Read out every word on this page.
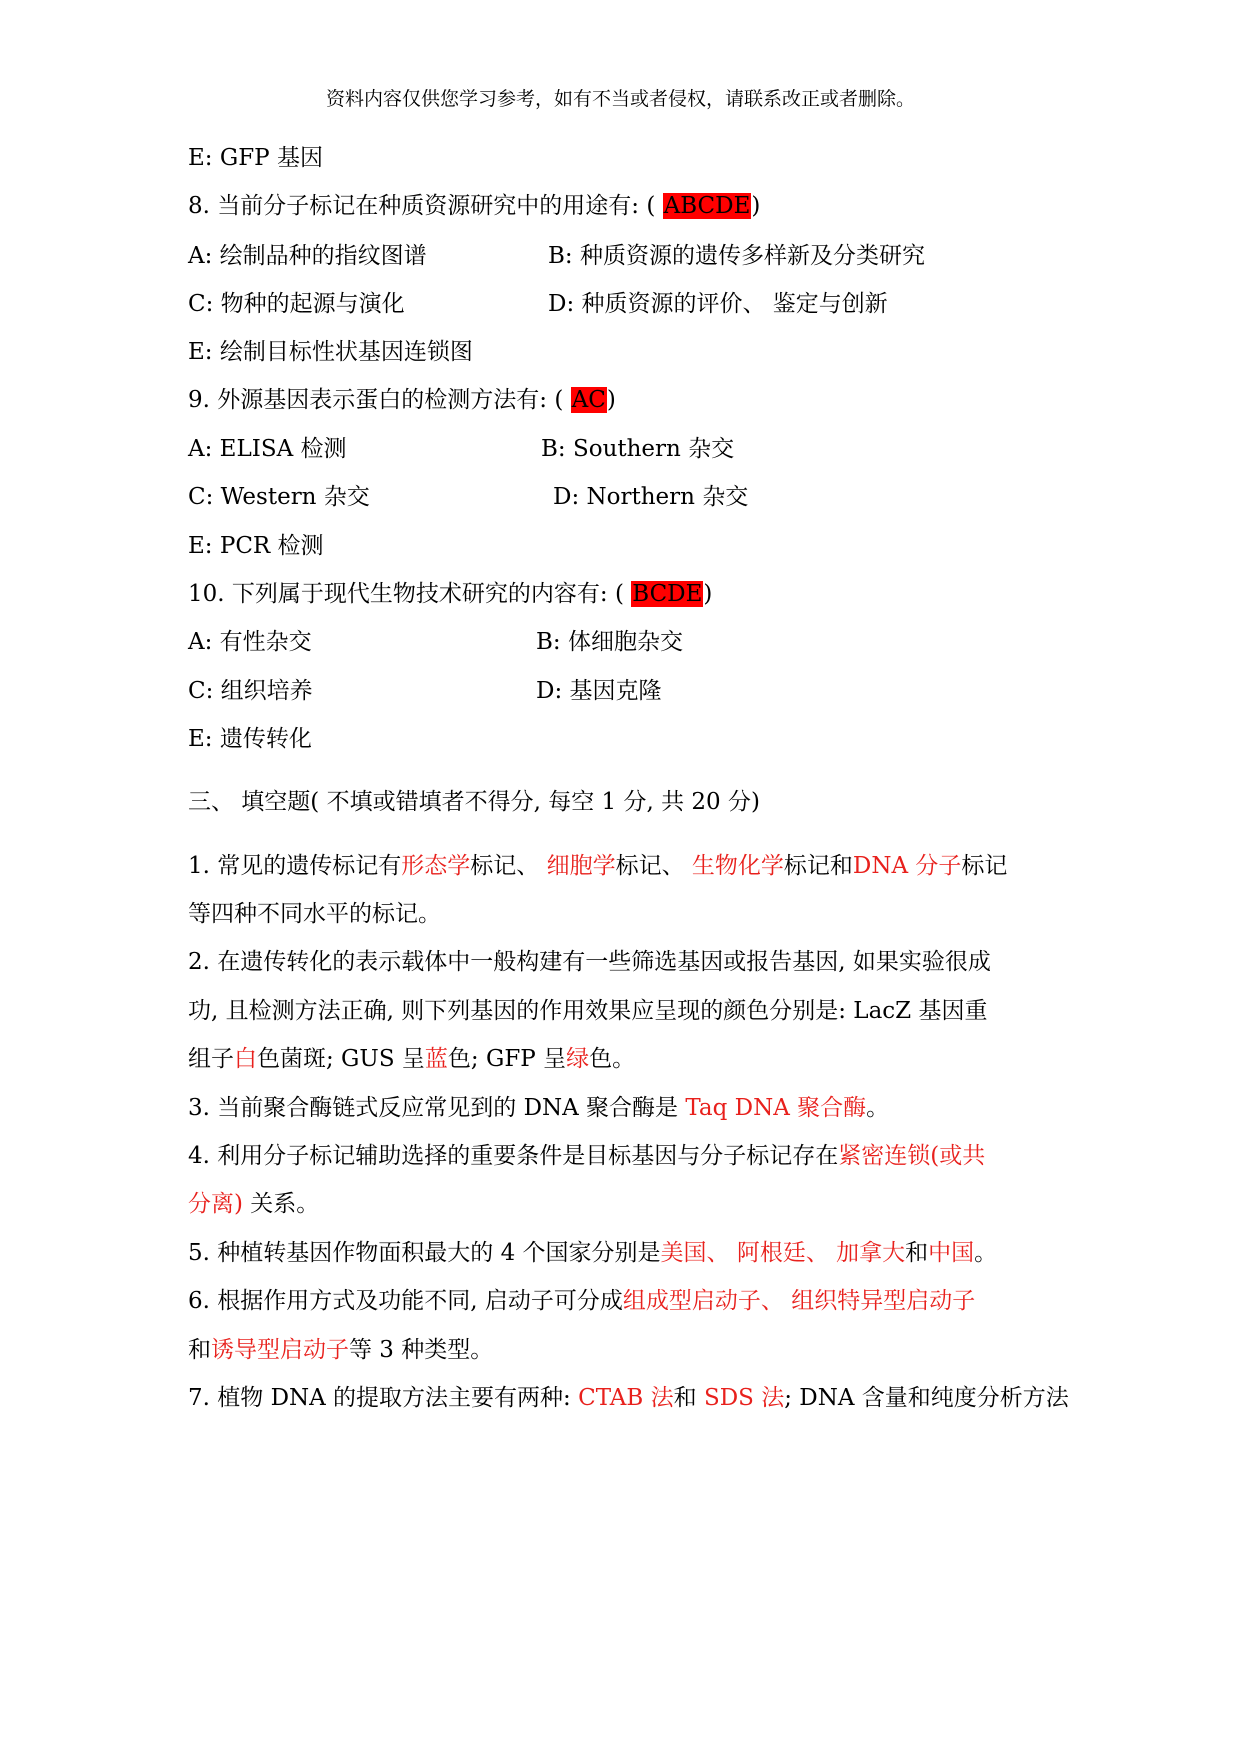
资料内容仅供您学习参考，如有不当或者侵权，请联系改正或者删除。
E: GFP 基因
8. 当前分子标记在种质资源研究中的用途有: ( ABCDE)
A: 绘制品种的指纹图谱	B: 种质资源的遗传多样新及分类研究
C: 物种的起源与演化	D: 种质资源的评价、 鉴定与创新
E: 绘制目标性状基因连锁图
9. 外源基因表示蛋白的检测方法有: ( AC)
A: ELISA 检测	B: Southern 杂交
C: Western 杂交	D: Northern 杂交
E: PCR 检测
10. 下列属于现代生物技术研究的内容有: ( BCDE)
A: 有性杂交	B: 体细胞杂交
C: 组织培养	D: 基因克隆
E: 遗传转化
三、 填空题( 不填或错填者不得分, 每空 1 分, 共 20 分)
1. 常见的遗传标记有形态学标记、 细胞学标记、 生物化学标记和DNA 分子标记
等四种不同水平的标记。
2. 在遗传转化的表示载体中一般构建有一些筛选基因或报告基因, 如果实验很成
功, 且检测方法正确, 则下列基因的作用效果应呈现的颜色分别是: LacZ 基因重
组子白色菌斑; GUS 呈蓝色; GFP 呈绿色。
3. 当前聚合酶链式反应常见到的 DNA 聚合酶是 Taq DNA 聚合酶。
4. 利用分子标记辅助选择的重要条件是目标基因与分子标记存在紧密连锁(或共
分离) 关系。
5. 种植转基因作物面积最大的 4 个国家分别是美国、 阿根廷、 加拿大和中国。
6. 根据作用方式及功能不同, 启动子可分成组成型启动子、 组织特异型启动子
和诱导型启动子等 3 种类型。
7. 植物 DNA 的提取方法主要有两种: CTAB 法和 SDS 法; DNA 含量和纯度分析方法
